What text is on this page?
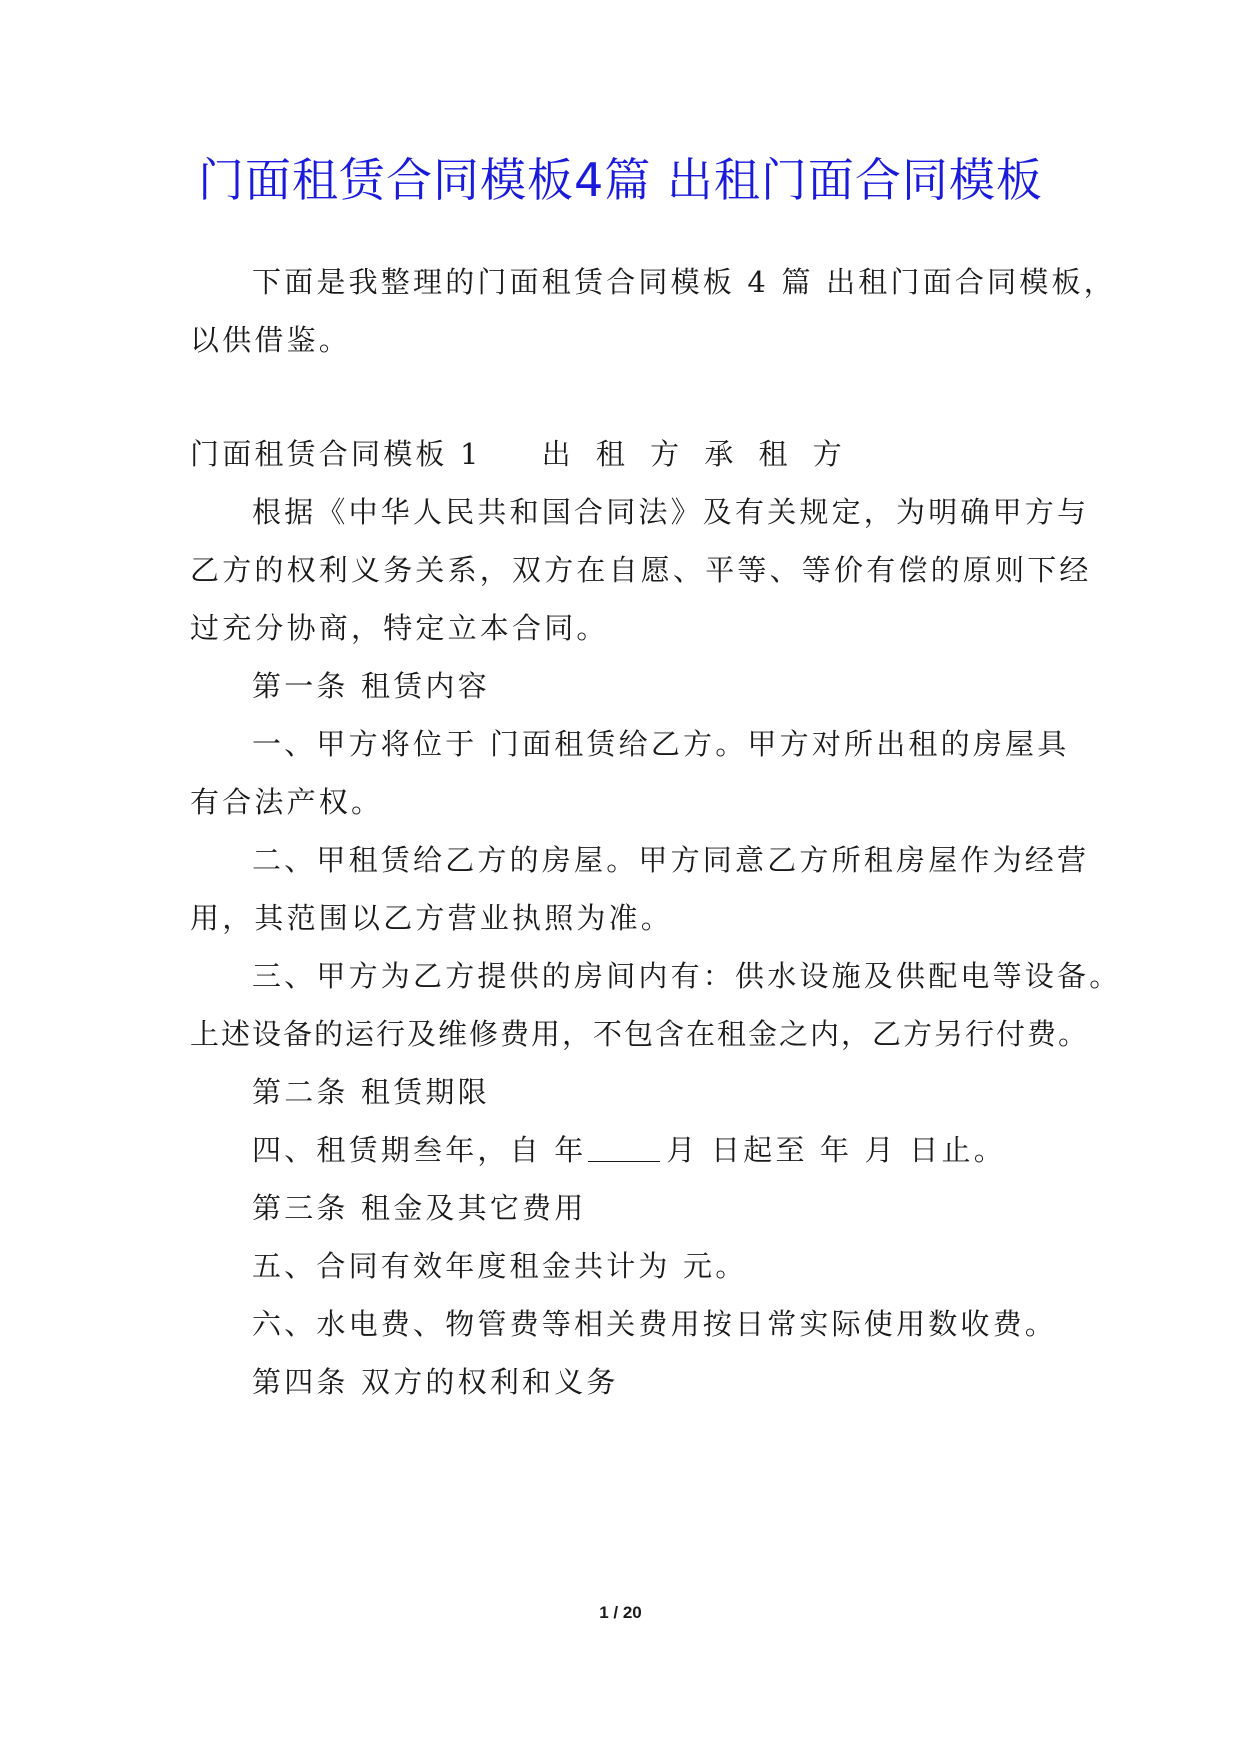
门面租赁合同模板4篇 出租门面合同模板
下面是我整理的门面租赁合同模板 4 篇 出租门面合同模板，
以供借鉴。
门面租赁合同模板 1 出 租 方 承 租 方
根据《中华人民共和国合同法》及有关规定，为明确甲方与
乙方的权利义务关系，双方在自愿、平等、等价有偿的原则下经
过充分协商，特定立本合同。
第一条 租赁内容
一、甲方将位于 门面租赁给乙方。甲方对所出租的房屋具
有合法产权。
二、甲租赁给乙方的房屋。甲方同意乙方所租房屋作为经营
用，其范围以乙方营业执照为准。
三、甲方为乙方提供的房间内有：供水设施及供配电等设备。
上述设备的运行及维修费用，不包含在租金之内，乙方另行付费。
第二条 租赁期限
四、租赁期叁年，自 年	月 日起至 年 月 日止。
第三条 租金及其它费用
五、合同有效年度租金共计为 元。
六、水电费、物管费等相关费用按日常实际使用数收费。
第四条 双方的权利和义务
1 / 20
